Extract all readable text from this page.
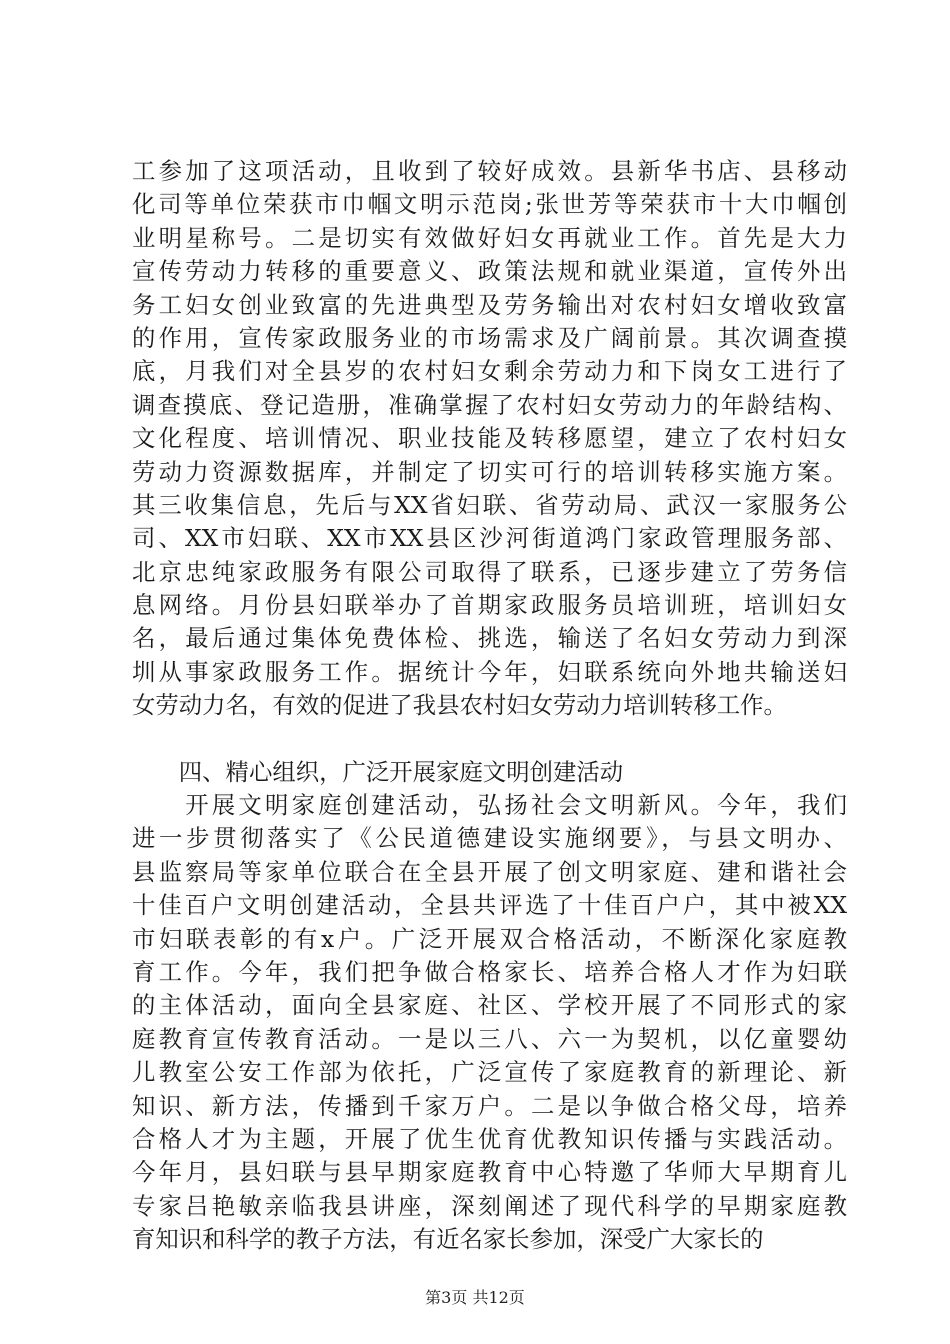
工参加了这项活动，且收到了较好成效。县新华书店、县移动
化司等单位荣获市巾帼文明示范岗;张世芳等荣获市十大巾帼创
业明星称号。二是切实有效做好妇女再就业工作。首先是大力
宣传劳动力转移的重要意义、政策法规和就业渠道，宣传外出
务工妇女创业致富的先进典型及劳务输出对农村妇女增收致富
的作用，宣传家政服务业的市场需求及广阔前景。其次调查摸
底，月我们对全县岁的农村妇女剩余劳动力和下岗女工进行了
调查摸底、登记造册，准确掌握了农村妇女劳动力的年龄结构、
文化程度、培训情况、职业技能及转移愿望，建立了农村妇女
劳动力资源数据库，并制定了切实可行的培训转移实施方案。
其三收集信息，先后与XX省妇联、省劳动局、武汉一家服务公
司、XX市妇联、XX市XX县区沙河街道鸿门家政管理服务部、
北京忠纯家政服务有限公司取得了联系，已逐步建立了劳务信
息网络。月份县妇联举办了首期家政服务员培训班，培训妇女
名，最后通过集体免费体检、挑选，输送了名妇女劳动力到深
圳从事家政服务工作。据统计今年，妇联系统向外地共输送妇
女劳动力名，有效的促进了我县农村妇女劳动力培训转移工作。
　　四、精心组织，广泛开展家庭文明创建活动
　　开展文明家庭创建活动，弘扬社会文明新风。今年，我们
进一步贯彻落实了《公民道德建设实施纲要》，与县文明办、
县监察局等家单位联合在全县开展了创文明家庭、建和谐社会
十佳百户文明创建活动，全县共评选了十佳百户户，其中被XX
市妇联表彰的有x户。广泛开展双合格活动，不断深化家庭教
育工作。今年，我们把争做合格家长、培养合格人才作为妇联
的主体活动，面向全县家庭、社区、学校开展了不同形式的家
庭教育宣传教育活动。一是以三八、六一为契机，以亿童婴幼
儿教室公安工作部为依托，广泛宣传了家庭教育的新理论、新
知识、新方法，传播到千家万户。二是以争做合格父母，培养
合格人才为主题，开展了优生优育优教知识传播与实践活动。
今年月，县妇联与县早期家庭教育中心特邀了华师大早期育儿
专家吕艳敏亲临我县讲座，深刻阐述了现代科学的早期家庭教
育知识和科学的教子方法，有近名家长参加，深受广大家长的
第3页 共12页
